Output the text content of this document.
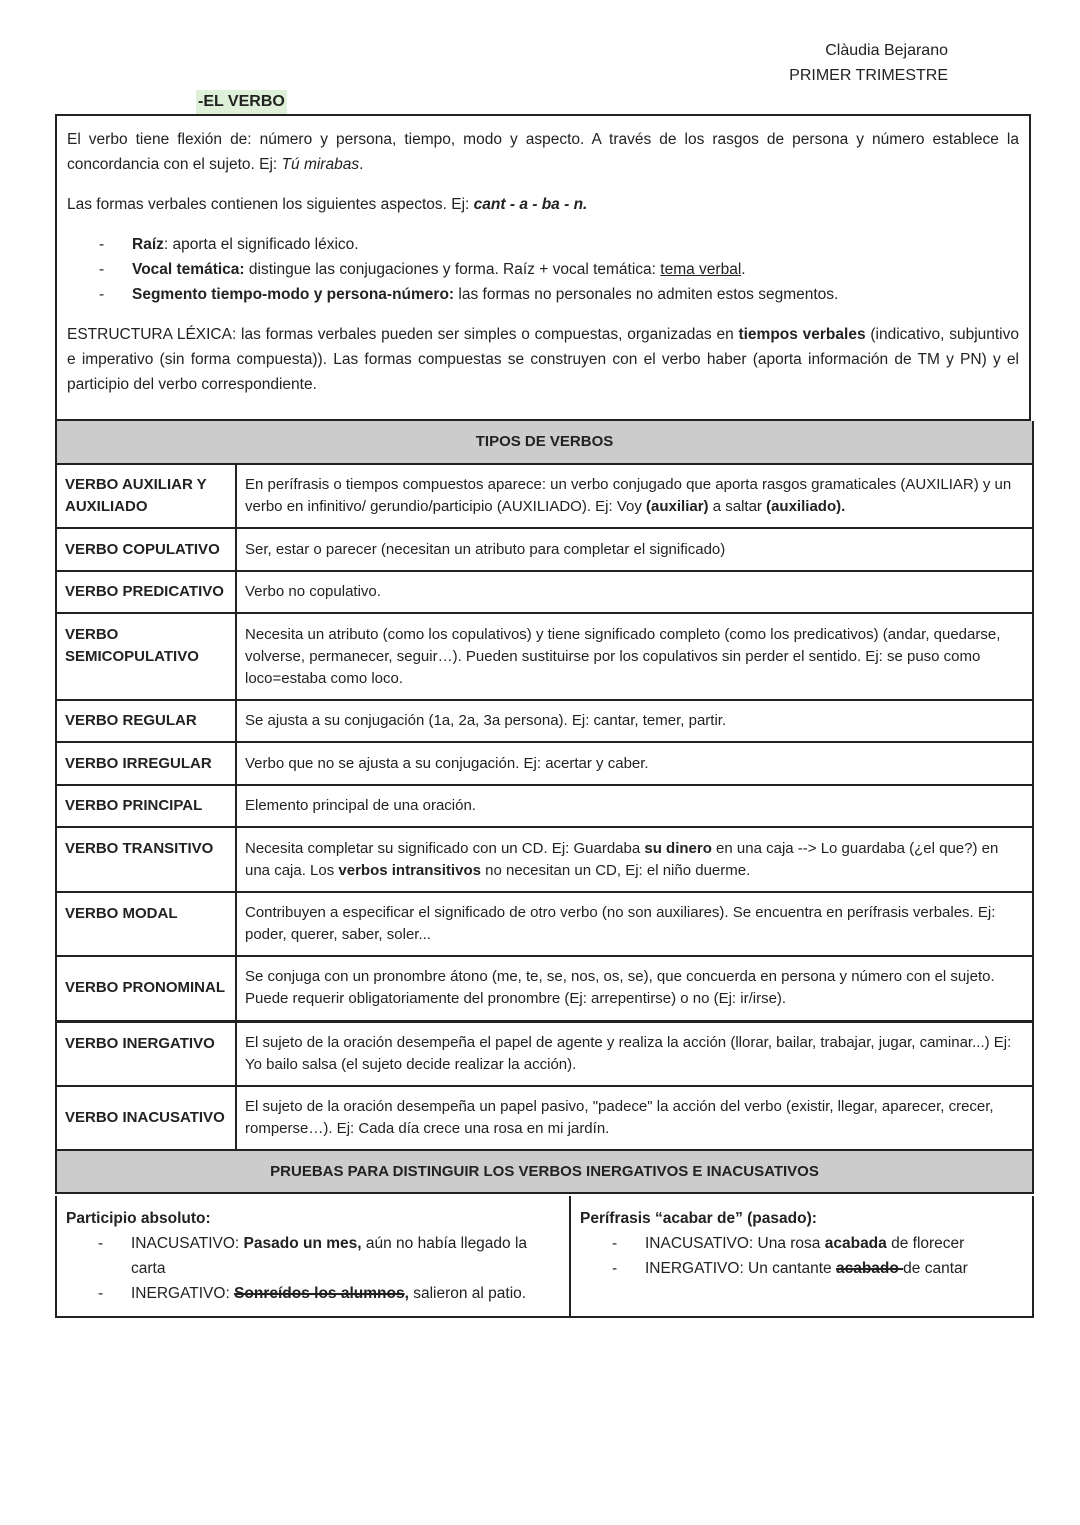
Clàudia Bejarano
PRIMER TRIMESTRE
-EL VERBO

El verbo tiene flexión de: número y persona, tiempo, modo y aspecto. A través de los rasgos de persona y número establece la concordancia con el sujeto. Ej: Tú mirabas.

Las formas verbales contienen los siguientes aspectos. Ej: cant - a - ba - n.

- Raíz: aporta el significado léxico.
- Vocal temática: distingue las conjugaciones y forma. Raíz + vocal temática: tema verbal.
- Segmento tiempo-modo y persona-número: las formas no personales no admiten estos segmentos.

ESTRUCTURA LÉXICA: las formas verbales pueden ser simples o compuestas, organizadas en tiempos verbales (indicativo, subjuntivo e imperativo (sin forma compuesta)). Las formas compuestas se construyen con el verbo haber (aporta información de TM y PN) y el participio del verbo correspondiente.

TIPOS DE VERBOS	
VERBO AUXILIAR Y AUXILIADO	En perífrasis o tiempos compuestos aparece: un verbo conjugado que aporta rasgos gramaticales (AUXILIAR) y un verbo en infinitivo/ gerundio/participio (AUXILIADO). Ej: Voy (auxiliar) a saltar (auxiliado).
VERBO COPULATIVO	Ser, estar o parecer (necesitan un atributo para completar el significado)
VERBO PREDICATIVO	Verbo no copulativo.
VERBO SEMICOPULATIVO	Necesita un atributo (como los copulativos) y tiene significado completo (como los predicativos) (andar, quedarse, volverse, permanecer, seguir…). Pueden sustituirse por los copulativos sin perder el sentido. Ej: se puso como loco=estaba como loco.
VERBO REGULAR	Se ajusta a su conjugación (1a, 2a, 3a persona). Ej: cantar, temer, partir.
VERBO IRREGULAR	Verbo que no se ajusta a su conjugación. Ej: acertar y caber.
VERBO PRINCIPAL	Elemento principal de una oración.
VERBO TRANSITIVO	Necesita completar su significado con un CD. Ej: Guardaba su dinero en una caja --> Lo guardaba (¿el que?) en una caja. Los verbos intransitivos no necesitan un CD, Ej: el niño duerme.
VERBO MODAL	Contribuyen a especificar el significado de otro verbo (no son auxiliares). Se encuentra en perífrasis verbales. Ej: poder, querer, saber, soler...
VERBO PRONOMINAL	Se conjuga con un pronombre átono (me, te, se, nos, os, se), que concuerda en persona y número con el sujeto. Puede requerir obligatoriamente del pronombre (Ej: arrepentirse) o no (Ej: ir/irse).
VERBO INERGATIVO	El sujeto de la oración desempeña el papel de agente y realiza la acción (llorar, bailar, trabajar, jugar, caminar...) Ej: Yo bailo salsa (el sujeto decide realizar la acción).
VERBO INACUSATIVO	El sujeto de la oración desempeña un papel pasivo, "padece" la acción del verbo (existir, llegar, aparecer, crecer, romperse…). Ej: Cada día crece una rosa en mi jardín.
PRUEBAS PARA DISTINGUIR LOS VERBOS INERGATIVOS E INACUSATIVOS	
Participio absoluto:
- INACUSATIVO: Pasado un mes, aún no había llegado la carta
- INERGATIVO: Sonreídos los alumnos, salieron al patio.
Perífrasis “acabar de” (pasado):
- INACUSATIVO: Una rosa acabada de florecer
- INERGATIVO: Un cantante acabado de cantar
